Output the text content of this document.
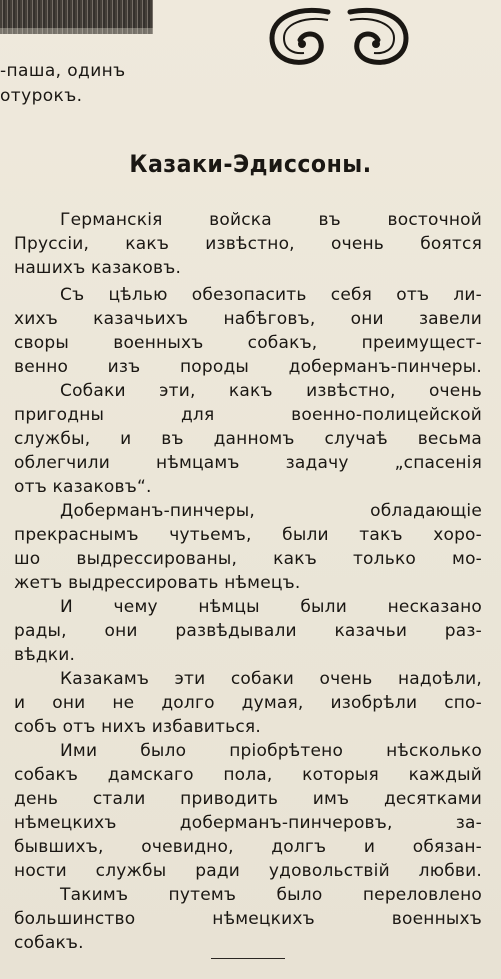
-паша, одинъ
отурокъ.
Казаки-Эдиссоны.
Германскія войска въ восточной
Пруссіи, какъ извѣстно, очень боятся
нашихъ казаковъ.
Съ цѣлью обезопасить себя отъ ли-
хихъ казачьихъ набѣговъ, они завели
своры военныхъ собакъ, преимущест-
венно изъ породы доберманъ-пинчеры.
Собаки эти, какъ извѣстно, очень
пригодны для военно-полицейской
службы, и въ данномъ случаѣ весьма
облегчили нѣмцамъ задачу „спасенія
отъ казаковъ“.
Доберманъ-пинчеры, обладающіе
прекраснымъ чутьемъ, были такъ хоро-
шо выдрессированы, какъ только мо-
жетъ выдрессировать нѣмецъ.
И чему нѣмцы были несказано
рады, они развѣдывали казачьи раз-
вѣдки.
Казакамъ эти собаки очень надоѣли,
и они не долго думая, изобрѣли спо-
собъ отъ нихъ избавиться.
Ими было пріобрѣтено нѣсколько
собакъ дамскаго пола, которыя каждый
день стали приводить имъ десятками
нѣмецкихъ доберманъ-пинчеровъ, за-
бывшихъ, очевидно, долгъ и обязан-
ности службы ради удовольствій любви.
Такимъ путемъ было переловлено
большинство нѣмецкихъ военныхъ
собакъ.
